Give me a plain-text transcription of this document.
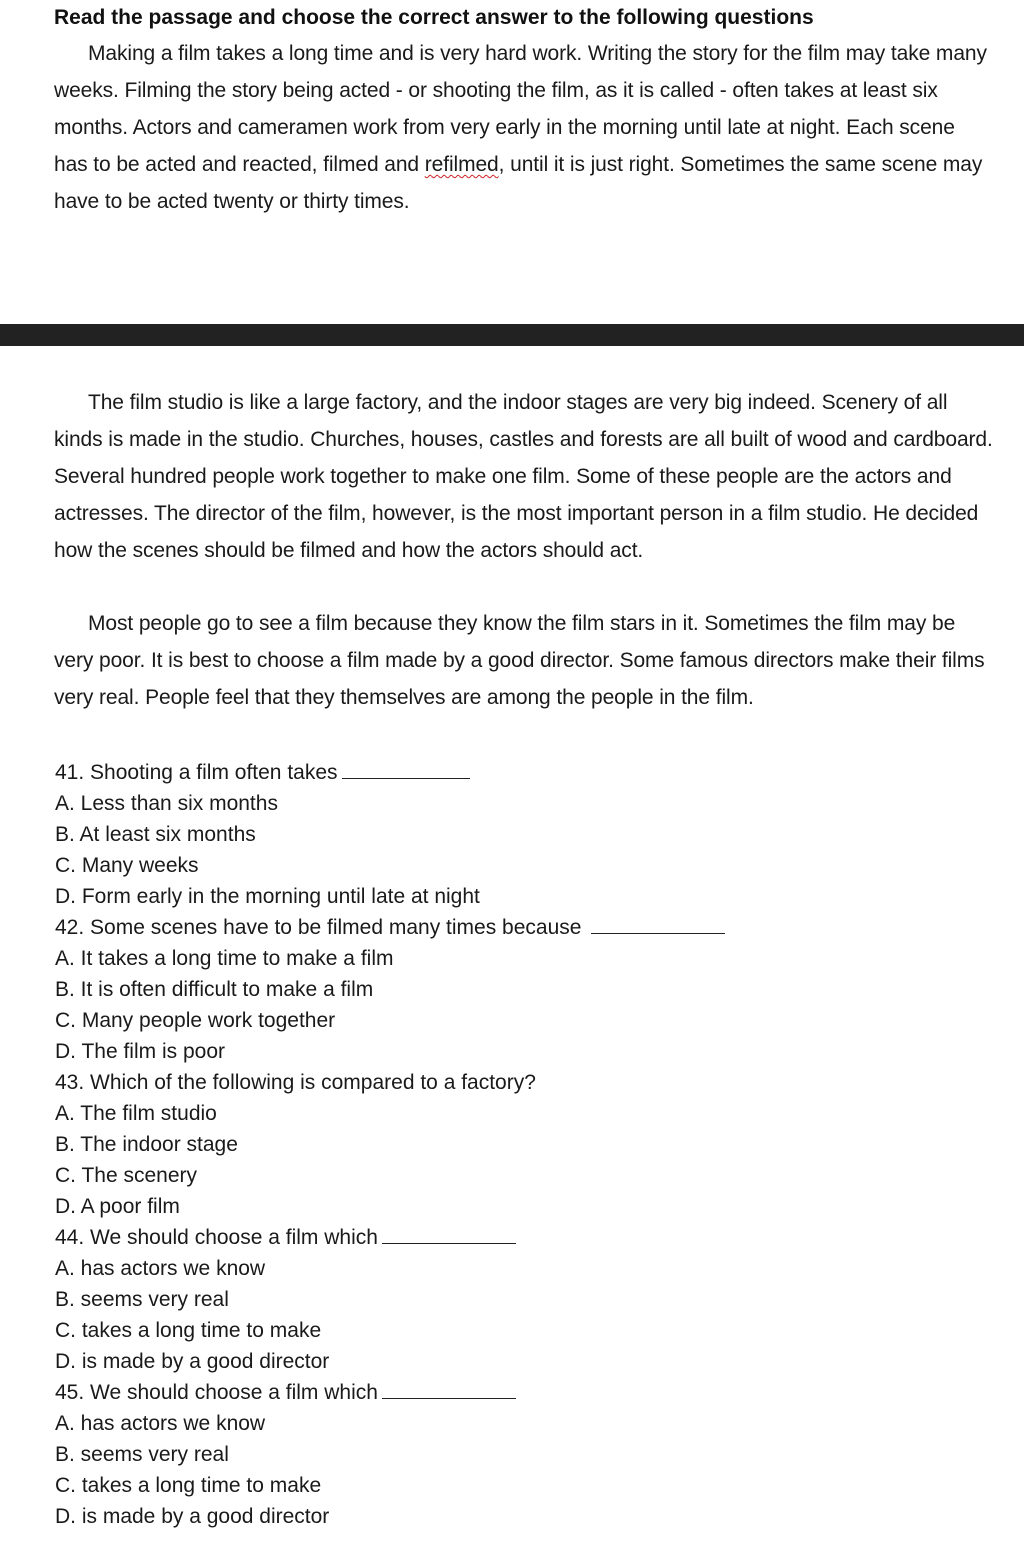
Read the passage and choose the correct answer to the following questions

Making a film takes a long time and is very hard work. Writing the story for the film may take many weeks. Filming the story being acted - or shooting the film, as it is called - often takes at least six months. Actors and cameramen work from very early in the morning until late at night. Each scene has to be acted and reacted, filmed and refilmed, until it is just right. Sometimes the same scene may have to be acted twenty or thirty times.

The film studio is like a large factory, and the indoor stages are very big indeed. Scenery of all kinds is made in the studio. Churches, houses, castles and forests are all built of wood and cardboard. Several hundred people work together to make one film. Some of these people are the actors and actresses. The director of the film, however, is the most important person in a film studio. He decided how the scenes should be filmed and how the actors should act.

Most people go to see a film because they know the film stars in it. Sometimes the film may be very poor. It is best to choose a film made by a good director. Some famous directors make their films very real. People feel that they themselves are among the people in the film.

41. Shooting a film often takes
A. Less than six months
B. At least six months
C. Many weeks
D. Form early in the morning until late at night
42. Some scenes have to be filmed many times because
A. It takes a long time to make a film
B. It is often difficult to make a film
C. Many people work together
D. The film is poor
43. Which of the following is compared to a factory?
A. The film studio
B. The indoor stage
C. The scenery
D. A poor film
44. We should choose a film which
A. has actors we know
B. seems very real
C. takes a long time to make
D. is made by a good director
45. We should choose a film which
A. has actors we know
B. seems very real
C. takes a long time to make
D. is made by a good director
